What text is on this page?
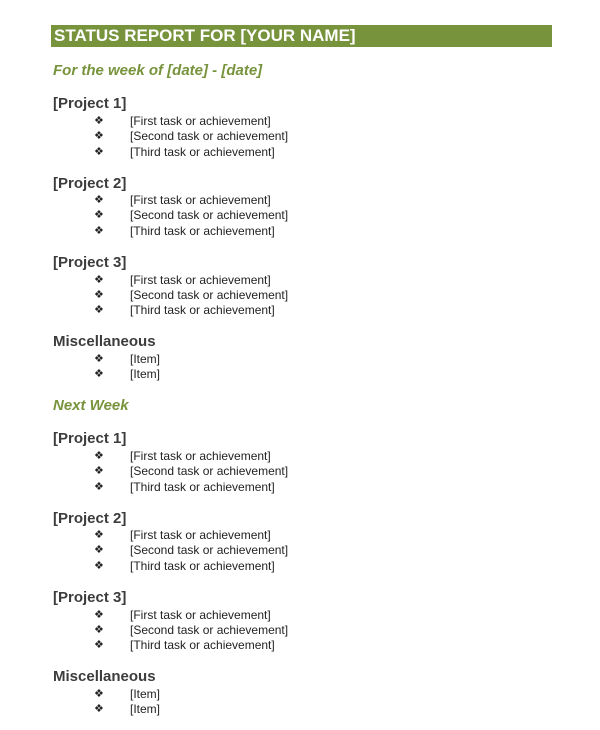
STATUS REPORT FOR [YOUR NAME]
For the week of [date] - [date]
[Project 1]
❖ [First task or achievement]
❖ [Second task or achievement]
❖ [Third task or achievement]
[Project 2]
❖ [First task or achievement]
❖ [Second task or achievement]
❖ [Third task or achievement]
[Project 3]
❖ [First task or achievement]
❖ [Second task or achievement]
❖ [Third task or achievement]
Miscellaneous
❖ [Item]
❖ [Item]
Next Week
[Project 1]
❖ [First task or achievement]
❖ [Second task or achievement]
❖ [Third task or achievement]
[Project 2]
❖ [First task or achievement]
❖ [Second task or achievement]
❖ [Third task or achievement]
[Project 3]
❖ [First task or achievement]
❖ [Second task or achievement]
❖ [Third task or achievement]
Miscellaneous
❖ [Item]
❖ [Item]
